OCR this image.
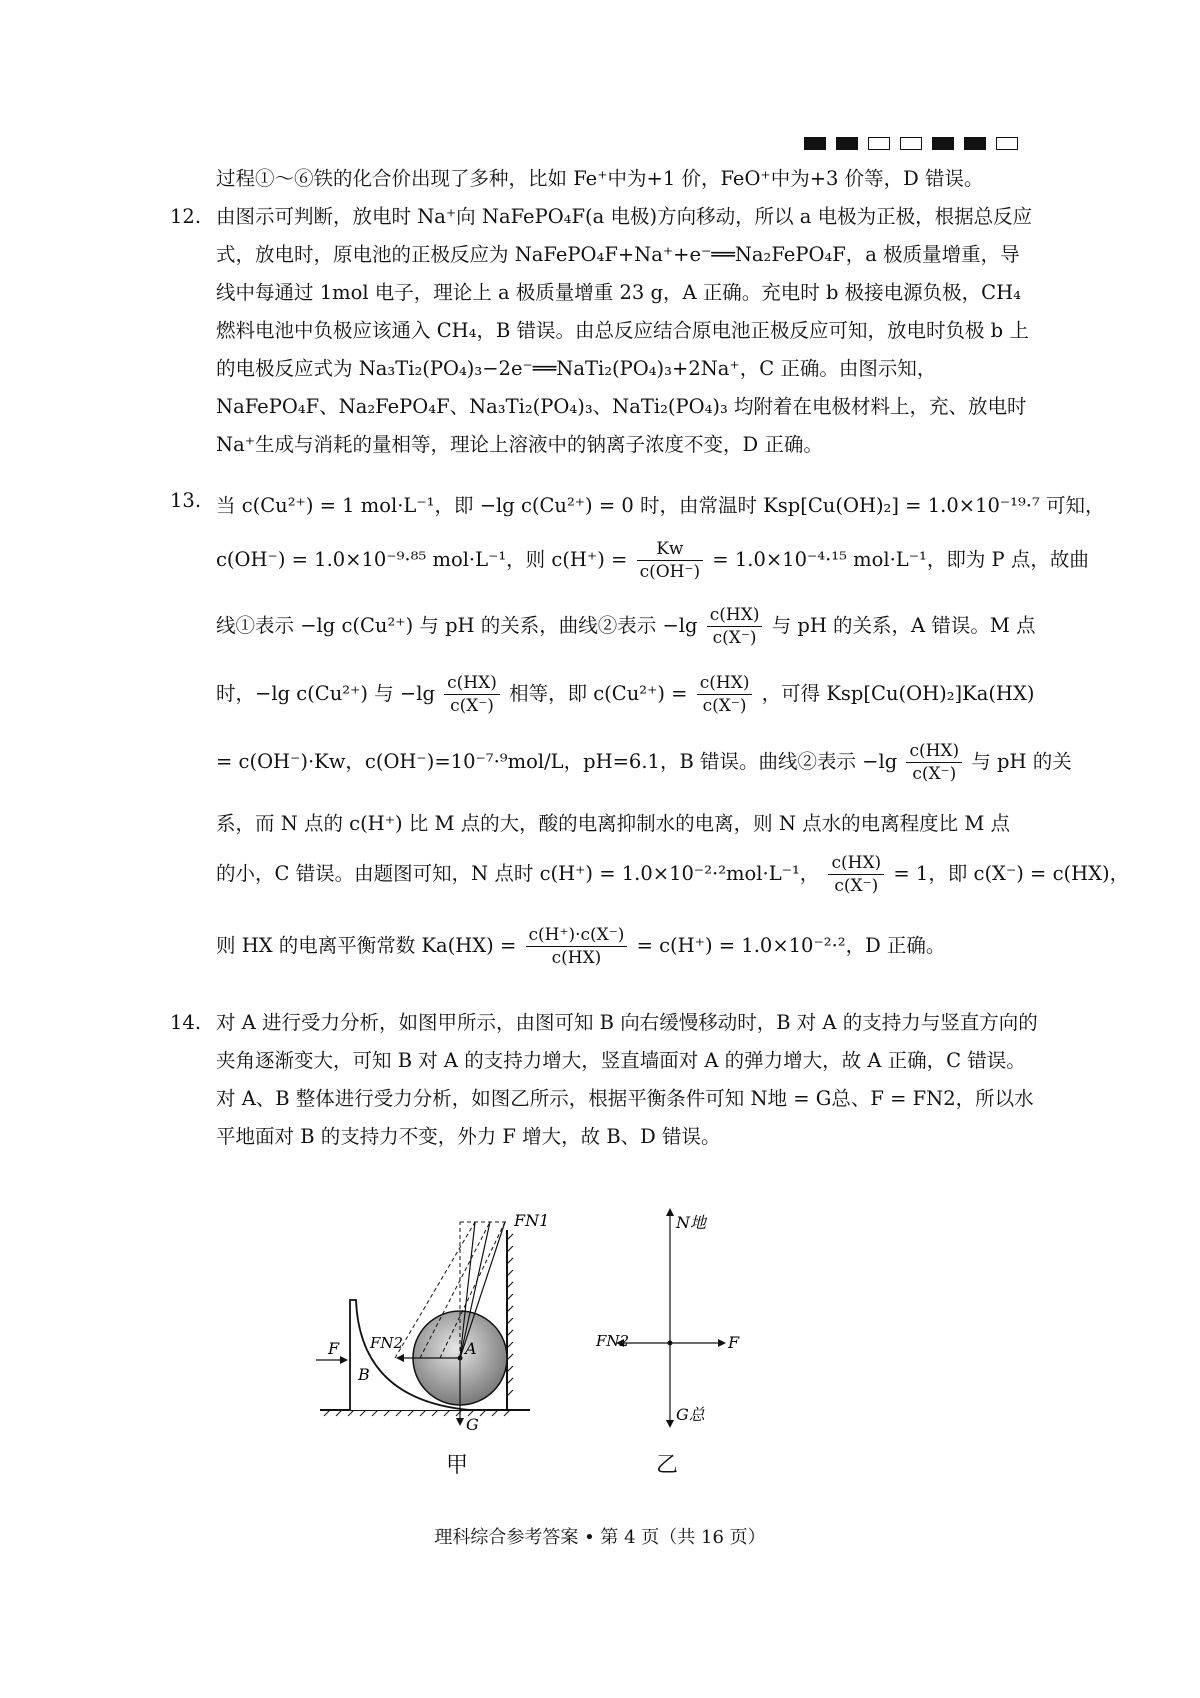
过程①～⑥铁的化合价出现了多种，比如 Fe⁺中为+1 价，FeO⁺中为+3 价等，D 错误。
12. 由图示可判断，放电时 Na⁺向 NaFePO₄F(a 电极)方向移动，所以 a 电极为正极，根据总反应式，放电时，原电池的正极反应为 NaFePO₄F+Na⁺+e⁻══Na₂FePO₄F，a 极质量增重，导线中每通过 1mol 电子，理论上 a 极质量增重 23 g，A 正确。充电时 b 极接电源负极，CH₄燃料电池中负极应该通入 CH₄，B 错误。由总反应结合原电池正极反应可知，放电时负极 b 上的电极反应式为 Na₃Ti₂(PO₄)₃−2e⁻══NaTi₂(PO₄)₃+2Na⁺，C 正确。由图示知，NaFePO₄F、Na₂FePO₄F、Na₃Ti₂(PO₄)₃、NaTi₂(PO₄)₃ 均附着在电极材料上，充、放电时 Na⁺生成与消耗的量相等，理论上溶液中的钠离子浓度不变，D 正确。
13. 当 c(Cu²⁺) = 1 mol·L⁻¹，即 −lg c(Cu²⁺) = 0 时，由常温时 Ksp[Cu(OH)₂] = 1.0×10⁻¹⁹·⁷ 可知，
c(OH⁻) = 1.0×10⁻⁹·⁸⁵ mol·L⁻¹，则 $c(H^+) = \frac{Kw}{c(OH^-)} = 1.0\times 10^{-4}\cdot^{15}$ mol·L⁻¹，即为 P 点，故曲
线①表示 −lg c(Cu²⁺) 与 pH 的关系，曲线②表示 $-\lg \frac{c(HX)}{c(X^-)}$ 与 pH 的关系，A 错误。M 点
时，−lg c(Cu²⁺) 与 $-\lg \frac{c(HX)}{c(X^-)}$ 相等，即 $c(Cu^{2+}) = \frac{c(HX)}{c(X^-)}$ ，可得 Ksp[Cu(OH)₂]Ka(HX)
= c(OH⁻)·Kw，c(OH⁻)=10⁻⁷·⁹mol/L，pH=6.1，B 错误。曲线②表示 $-\lg \frac{c(HX)}{c(X^-)}$ 与 pH 的关
系，而 N 点的 c(H⁺) 比 M 点的大，酸的电离抑制水的电离，则 N 点水的电离程度比 M 点
的小，C 错误。由题图可知，N 点时 c(H⁺) = 1.0×10⁻²·²mol·L⁻¹， $\frac{c(HX)}{c(X^-)} = 1$，即 c(X⁻) = c(HX)，
则 HX 的电离平衡常数 $Ka(HX) = \frac{c(H^+)\cdot c(X^-)}{c(HX)} = c(H^+) = 1.0\times 10^{-2}\cdot^2$，D 正确。
14. 对 A 进行受力分析，如图甲所示，由图可知 B 向右缓慢移动时，B 对 A 的支持力与竖直方向的夹角逐渐变大，可知 B 对 A 的支持力增大，竖直墙面对 A 的弹力增大，故 A 正确，C 错误。对 A、B 整体进行受力分析，如图乙所示，根据平衡条件可知 N地 = G总、F = FN2，所以水平地面对 B 的支持力不变，外力 F 增大，故 B、D 错误。
FN1
FN2	A
B
F
G
N地
FN2	F
G总
甲	乙
理科综合参考答案 • 第 4 页（共 16 页）
